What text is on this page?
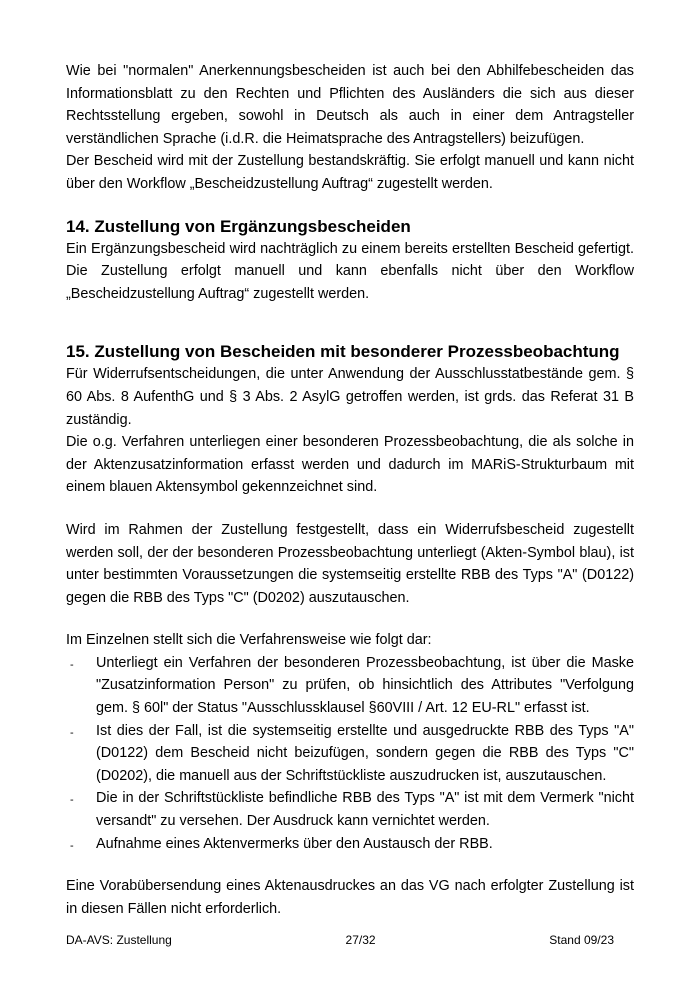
Wie bei "normalen" Anerkennungsbescheiden ist auch bei den Abhilfebescheiden das Informationsblatt zu den Rechten und Pflichten des Ausländers die sich aus dieser Rechtsstellung ergeben, sowohl in Deutsch als auch in einer dem Antragsteller verständlichen Sprache (i.d.R. die Heimatsprache des Antragstellers) beizufügen.

Der Bescheid wird mit der Zustellung bestandskräftig. Sie erfolgt manuell und kann nicht über den Workflow „Bescheidzustellung Auftrag“ zugestellt werden.

14. Zustellung von Ergänzungsbescheiden

Ein Ergänzungsbescheid wird nachträglich zu einem bereits erstellten Bescheid gefertigt. Die Zustellung erfolgt manuell und kann ebenfalls nicht über den Workflow „Bescheidzustellung Auftrag“ zugestellt werden.

15. Zustellung von Bescheiden mit besonderer Prozessbeobachtung

Für Widerrufsentscheidungen, die unter Anwendung der Ausschlusstatbestände gem. § 60 Abs. 8 AufenthG und § 3 Abs. 2 AsylG getroffen werden, ist grds. das Referat 31 B zuständig.

Die o.g. Verfahren unterliegen einer besonderen Prozessbeobachtung, die als solche in der Aktenzusatzinformation erfasst werden und dadurch im MARiS-Strukturbaum mit einem blauen Aktensymbol gekennzeichnet sind.

Wird im Rahmen der Zustellung festgestellt, dass ein Widerrufsbescheid zugestellt werden soll, der der besonderen Prozessbeobachtung unterliegt (Akten-Symbol blau), ist unter bestimmten Voraussetzungen die systemseitig erstellte RBB des Typs "A" (D0122) gegen die RBB des Typs "C" (D0202) auszutauschen.

Im Einzelnen stellt sich die Verfahrensweise wie folgt dar:

- Unterliegt ein Verfahren der besonderen Prozessbeobachtung, ist über die Maske "Zusatzinformation Person" zu prüfen, ob hinsichtlich des Attributes "Verfolgung gem. § 60l" der Status "Ausschlussklausel §60VIII / Art. 12 EU-RL" erfasst ist.

- Ist dies der Fall, ist die systemseitig erstellte und ausgedruckte RBB des Typs "A" (D0122) dem Bescheid nicht beizufügen, sondern gegen die RBB des Typs "C" (D0202), die manuell aus der Schriftstückliste auszudrucken ist, auszutauschen.

- Die in der Schriftstückliste befindliche RBB des Typs "A" ist mit dem Vermerk "nicht versandt" zu versehen. Der Ausdruck kann vernichtet werden.

- Aufnahme eines Aktenvermerks über den Austausch der RBB.

Eine Vorabübersendung eines Aktenausdruckes an das VG nach erfolgter Zustellung ist in diesen Fällen nicht erforderlich.

DA-AVS: Zustellung	27/32	Stand 09/23
